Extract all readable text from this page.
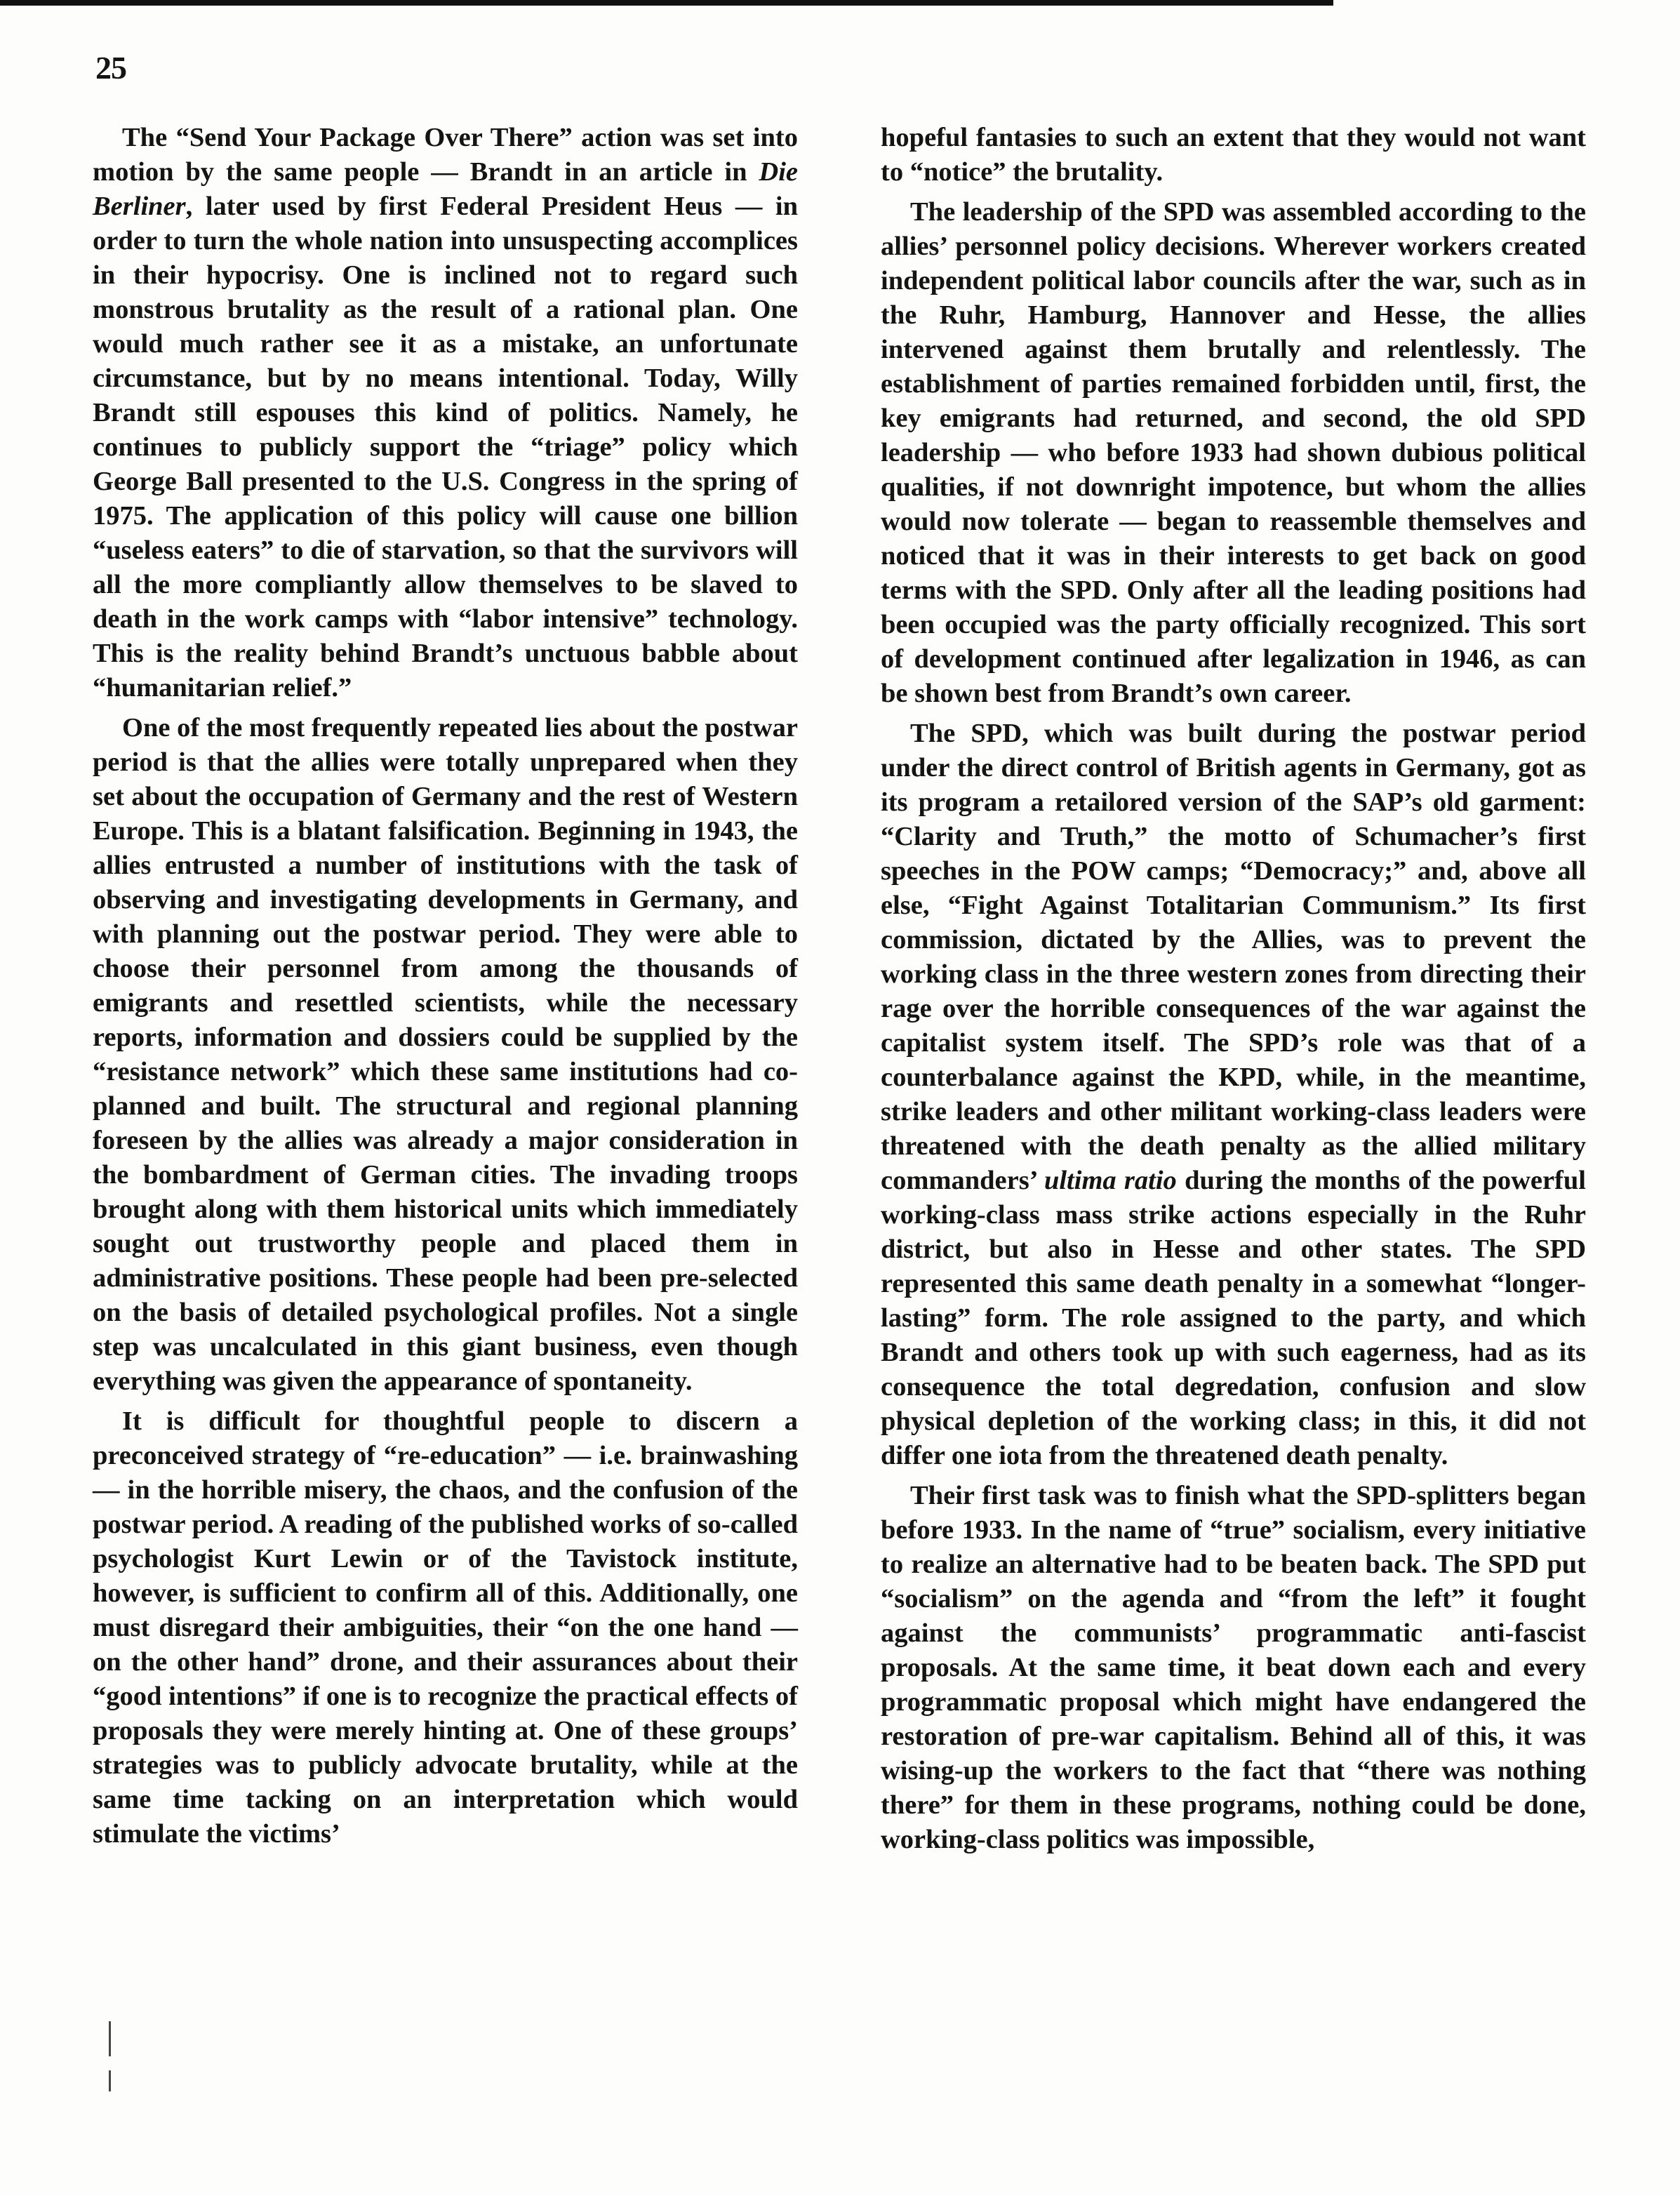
25

The “Send Your Package Over There” action was set into motion by the same people — Brandt in an article in Die Berliner, later used by first Federal President Heus — in order to turn the whole nation into unsuspecting accomplices in their hypocrisy. One is inclined not to regard such monstrous brutality as the result of a rational plan. One would much rather see it as a mistake, an unfortunate circumstance, but by no means intentional. Today, Willy Brandt still espouses this kind of politics. Namely, he continues to publicly support the “triage” policy which George Ball presented to the U.S. Congress in the spring of 1975. The application of this policy will cause one billion “useless eaters” to die of starvation, so that the survivors will all the more compliantly allow themselves to be slaved to death in the work camps with “labor intensive” technology. This is the reality behind Brandt’s unctuous babble about “humanitarian relief.”

One of the most frequently repeated lies about the postwar period is that the allies were totally unprepared when they set about the occupation of Germany and the rest of Western Europe. This is a blatant falsification. Beginning in 1943, the allies entrusted a number of institutions with the task of observing and investigating developments in Germany, and with planning out the postwar period. They were able to choose their personnel from among the thousands of emigrants and resettled scientists, while the necessary reports, information and dossiers could be supplied by the “resistance network” which these same institutions had co-planned and built. The structural and regional planning foreseen by the allies was already a major consideration in the bombardment of German cities. The invading troops brought along with them historical units which immediately sought out trustworthy people and placed them in administrative positions. These people had been pre-selected on the basis of detailed psychological profiles. Not a single step was uncalculated in this giant business, even though everything was given the appearance of spontaneity.

It is difficult for thoughtful people to discern a preconceived strategy of “re-education” — i.e. brainwashing — in the horrible misery, the chaos, and the confusion of the postwar period. A reading of the published works of so-called psychologist Kurt Lewin or of the Tavistock institute, however, is sufficient to confirm all of this. Additionally, one must disregard their ambiguities, their “on the one hand — on the other hand” drone, and their assurances about their “good intentions” if one is to recognize the practical effects of proposals they were merely hinting at. One of these groups’ strategies was to publicly advocate brutality, while at the same time tacking on an interpretation which would stimulate the victims’

hopeful fantasies to such an extent that they would not want to “notice” the brutality.

The leadership of the SPD was assembled according to the allies’ personnel policy decisions. Wherever workers created independent political labor councils after the war, such as in the Ruhr, Hamburg, Hannover and Hesse, the allies intervened against them brutally and relentlessly. The establishment of parties remained forbidden until, first, the key emigrants had returned, and second, the old SPD leadership — who before 1933 had shown dubious political qualities, if not downright impotence, but whom the allies would now tolerate — began to reassemble themselves and noticed that it was in their interests to get back on good terms with the SPD. Only after all the leading positions had been occupied was the party officially recognized. This sort of development continued after legalization in 1946, as can be shown best from Brandt’s own career.

The SPD, which was built during the postwar period under the direct control of British agents in Germany, got as its program a retailored version of the SAP’s old garment: “Clarity and Truth,” the motto of Schumacher’s first speeches in the POW camps; “Democracy;” and, above all else, “Fight Against Totalitarian Communism.” Its first commission, dictated by the Allies, was to prevent the working class in the three western zones from directing their rage over the horrible consequences of the war against the capitalist system itself. The SPD’s role was that of a counterbalance against the KPD, while, in the meantime, strike leaders and other militant working-class leaders were threatened with the death penalty as the allied military commanders’ ultima ratio during the months of the powerful working-class mass strike actions especially in the Ruhr district, but also in Hesse and other states. The SPD represented this same death penalty in a somewhat “longer-lasting” form. The role assigned to the party, and which Brandt and others took up with such eagerness, had as its consequence the total degredation, confusion and slow physical depletion of the working class; in this, it did not differ one iota from the threatened death penalty.

Their first task was to finish what the SPD-splitters began before 1933. In the name of “true” socialism, every initiative to realize an alternative had to be beaten back. The SPD put “socialism” on the agenda and “from the left” it fought against the communists’ programmatic anti-fascist proposals. At the same time, it beat down each and every programmatic proposal which might have endangered the restoration of pre-war capitalism. Behind all of this, it was wising-up the workers to the fact that “there was nothing there” for them in these programs, nothing could be done, working-class politics was impossible,
